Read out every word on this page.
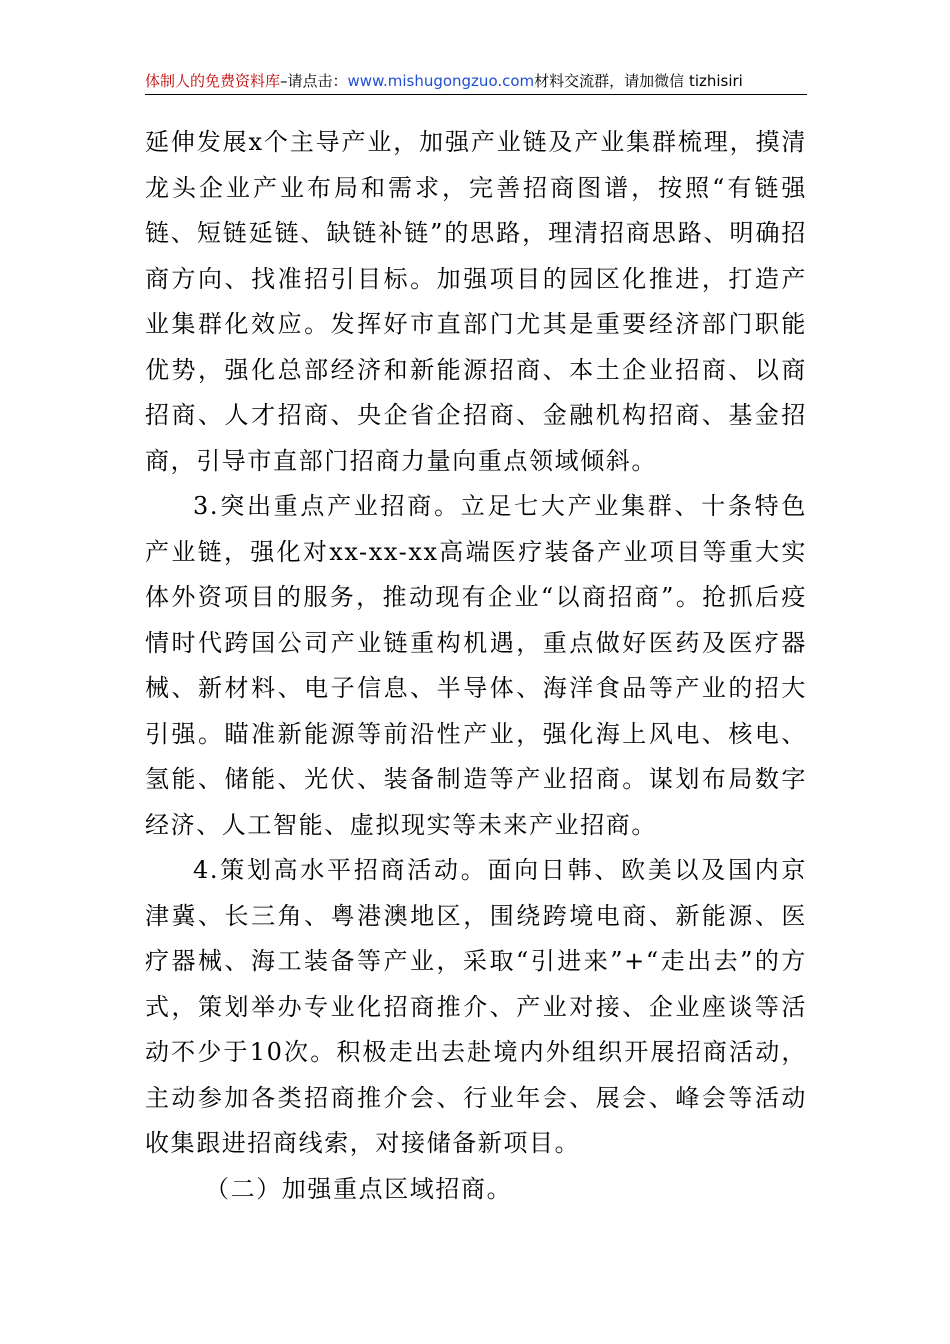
体制人的免费资料库–请点击：www.mishugongzuo.com材料交流群，请加微信 tizhisiri

延伸发展x个主导产业，加强产业链及产业集群梳理，摸清龙头企业产业布局和需求，完善招商图谱，按照“有链强链、短链延链、缺链补链”的思路，理清招商思路、明确招商方向、找准招引目标。加强项目的园区化推进，打造产业集群化效应。发挥好市直部门尤其是重要经济部门职能优势，强化总部经济和新能源招商、本土企业招商、以商招商、人才招商、央企省企招商、金融机构招商、基金招商，引导市直部门招商力量向重点领域倾斜。

3.突出重点产业招商。立足七大产业集群、十条特色产业链，强化对xx-xx-xx高端医疗装备产业项目等重大实体外资项目的服务，推动现有企业“以商招商”。抢抓后疫情时代跨国公司产业链重构机遇，重点做好医药及医疗器械、新材料、电子信息、半导体、海洋食品等产业的招大引强。瞄准新能源等前沿性产业，强化海上风电、核电、氢能、储能、光伏、装备制造等产业招商。谋划布局数字经济、人工智能、虚拟现实等未来产业招商。

4.策划高水平招商活动。面向日韩、欧美以及国内京津冀、长三角、粤港澳地区，围绕跨境电商、新能源、医疗器械、海工装备等产业，采取“引进来”+“走出去”的方式，策划举办专业化招商推介、产业对接、企业座谈等活动不少于10次。积极走出去赴境内外组织开展招商活动，主动参加各类招商推介会、行业年会、展会、峰会等活动收集跟进招商线索，对接储备新项目。

（二）加强重点区域招商。
